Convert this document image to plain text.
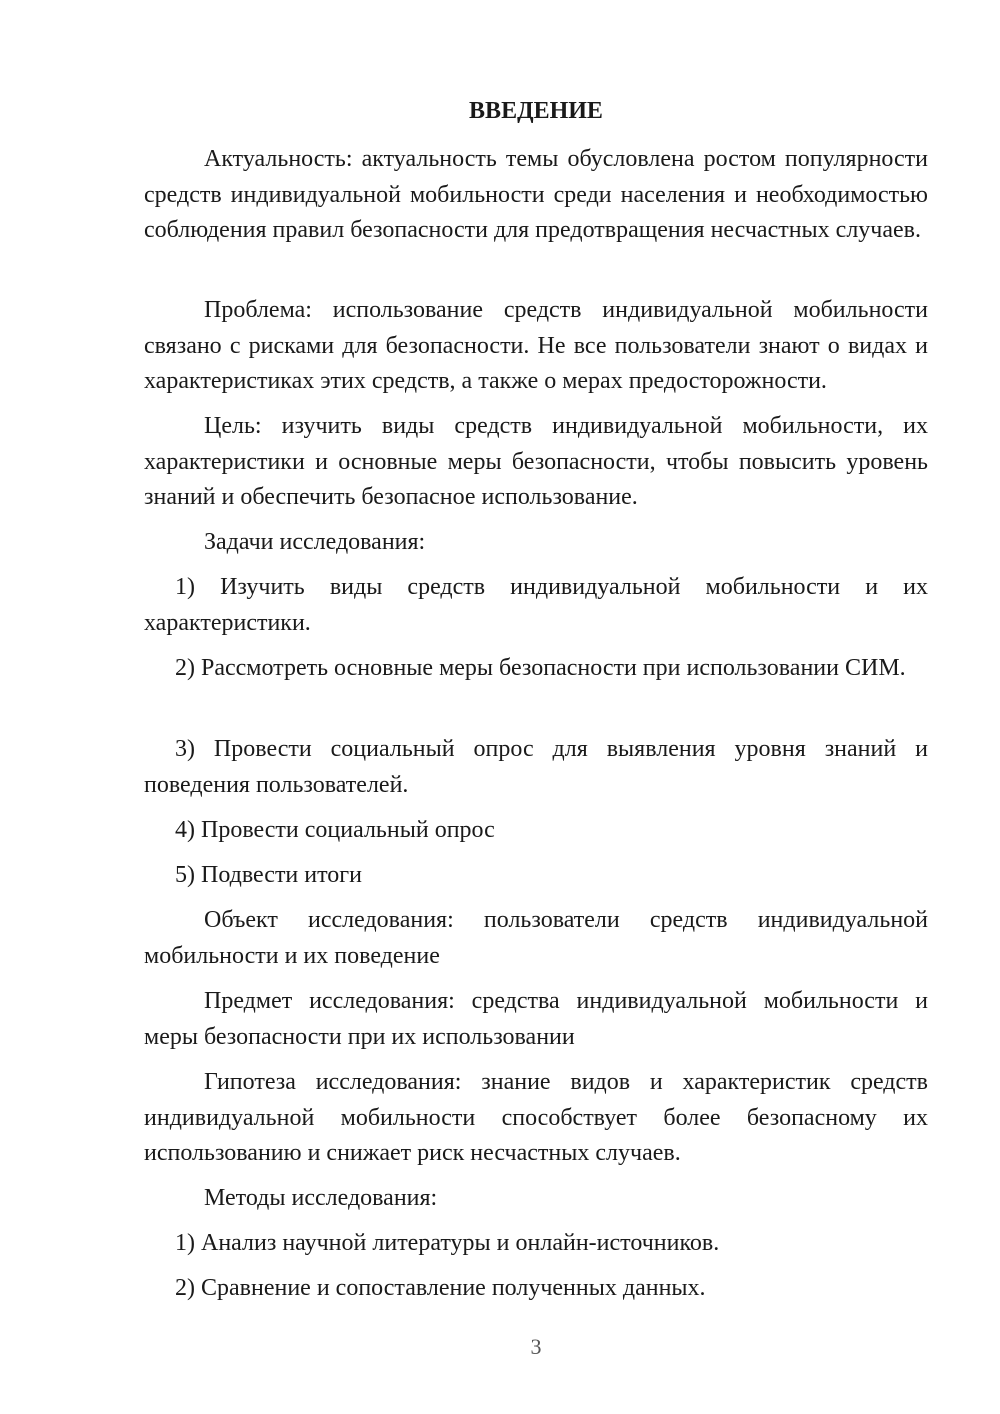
ВВЕДЕНИЕ

Актуальность: актуальность темы обусловлена ростом популярности средств индивидуальной мобильности среди населения и необходимостью соблюдения правил безопасности для предотвращения несчастных случаев.

Проблема: использование средств индивидуальной мобильности связано с рисками для безопасности. Не все пользователи знают о видах и характеристиках этих средств, а также о мерах предосторожности.

Цель: изучить виды средств индивидуальной мобильности, их характеристики и основные меры безопасности, чтобы повысить уровень знаний и обеспечить безопасное использование.

Задачи исследования:

1) Изучить виды средств индивидуальной мобильности и их характеристики.

2) Рассмотреть основные меры безопасности при использовании СИМ.

3) Провести социальный опрос для выявления уровня знаний и поведения пользователей.

4) Провести социальный опрос

5) Подвести итоги

Объект исследования: пользователи средств индивидуальной мобильности и их поведение

Предмет исследования: средства индивидуальной мобильности и меры безопасности при их использовании

Гипотеза исследования: знание видов и характеристик средств индивидуальной мобильности способствует более безопасному их использованию и снижает риск несчастных случаев.

Методы исследования:

1) Анализ научной литературы и онлайн-источников.

2) Сравнение и сопоставление полученных данных.

3
